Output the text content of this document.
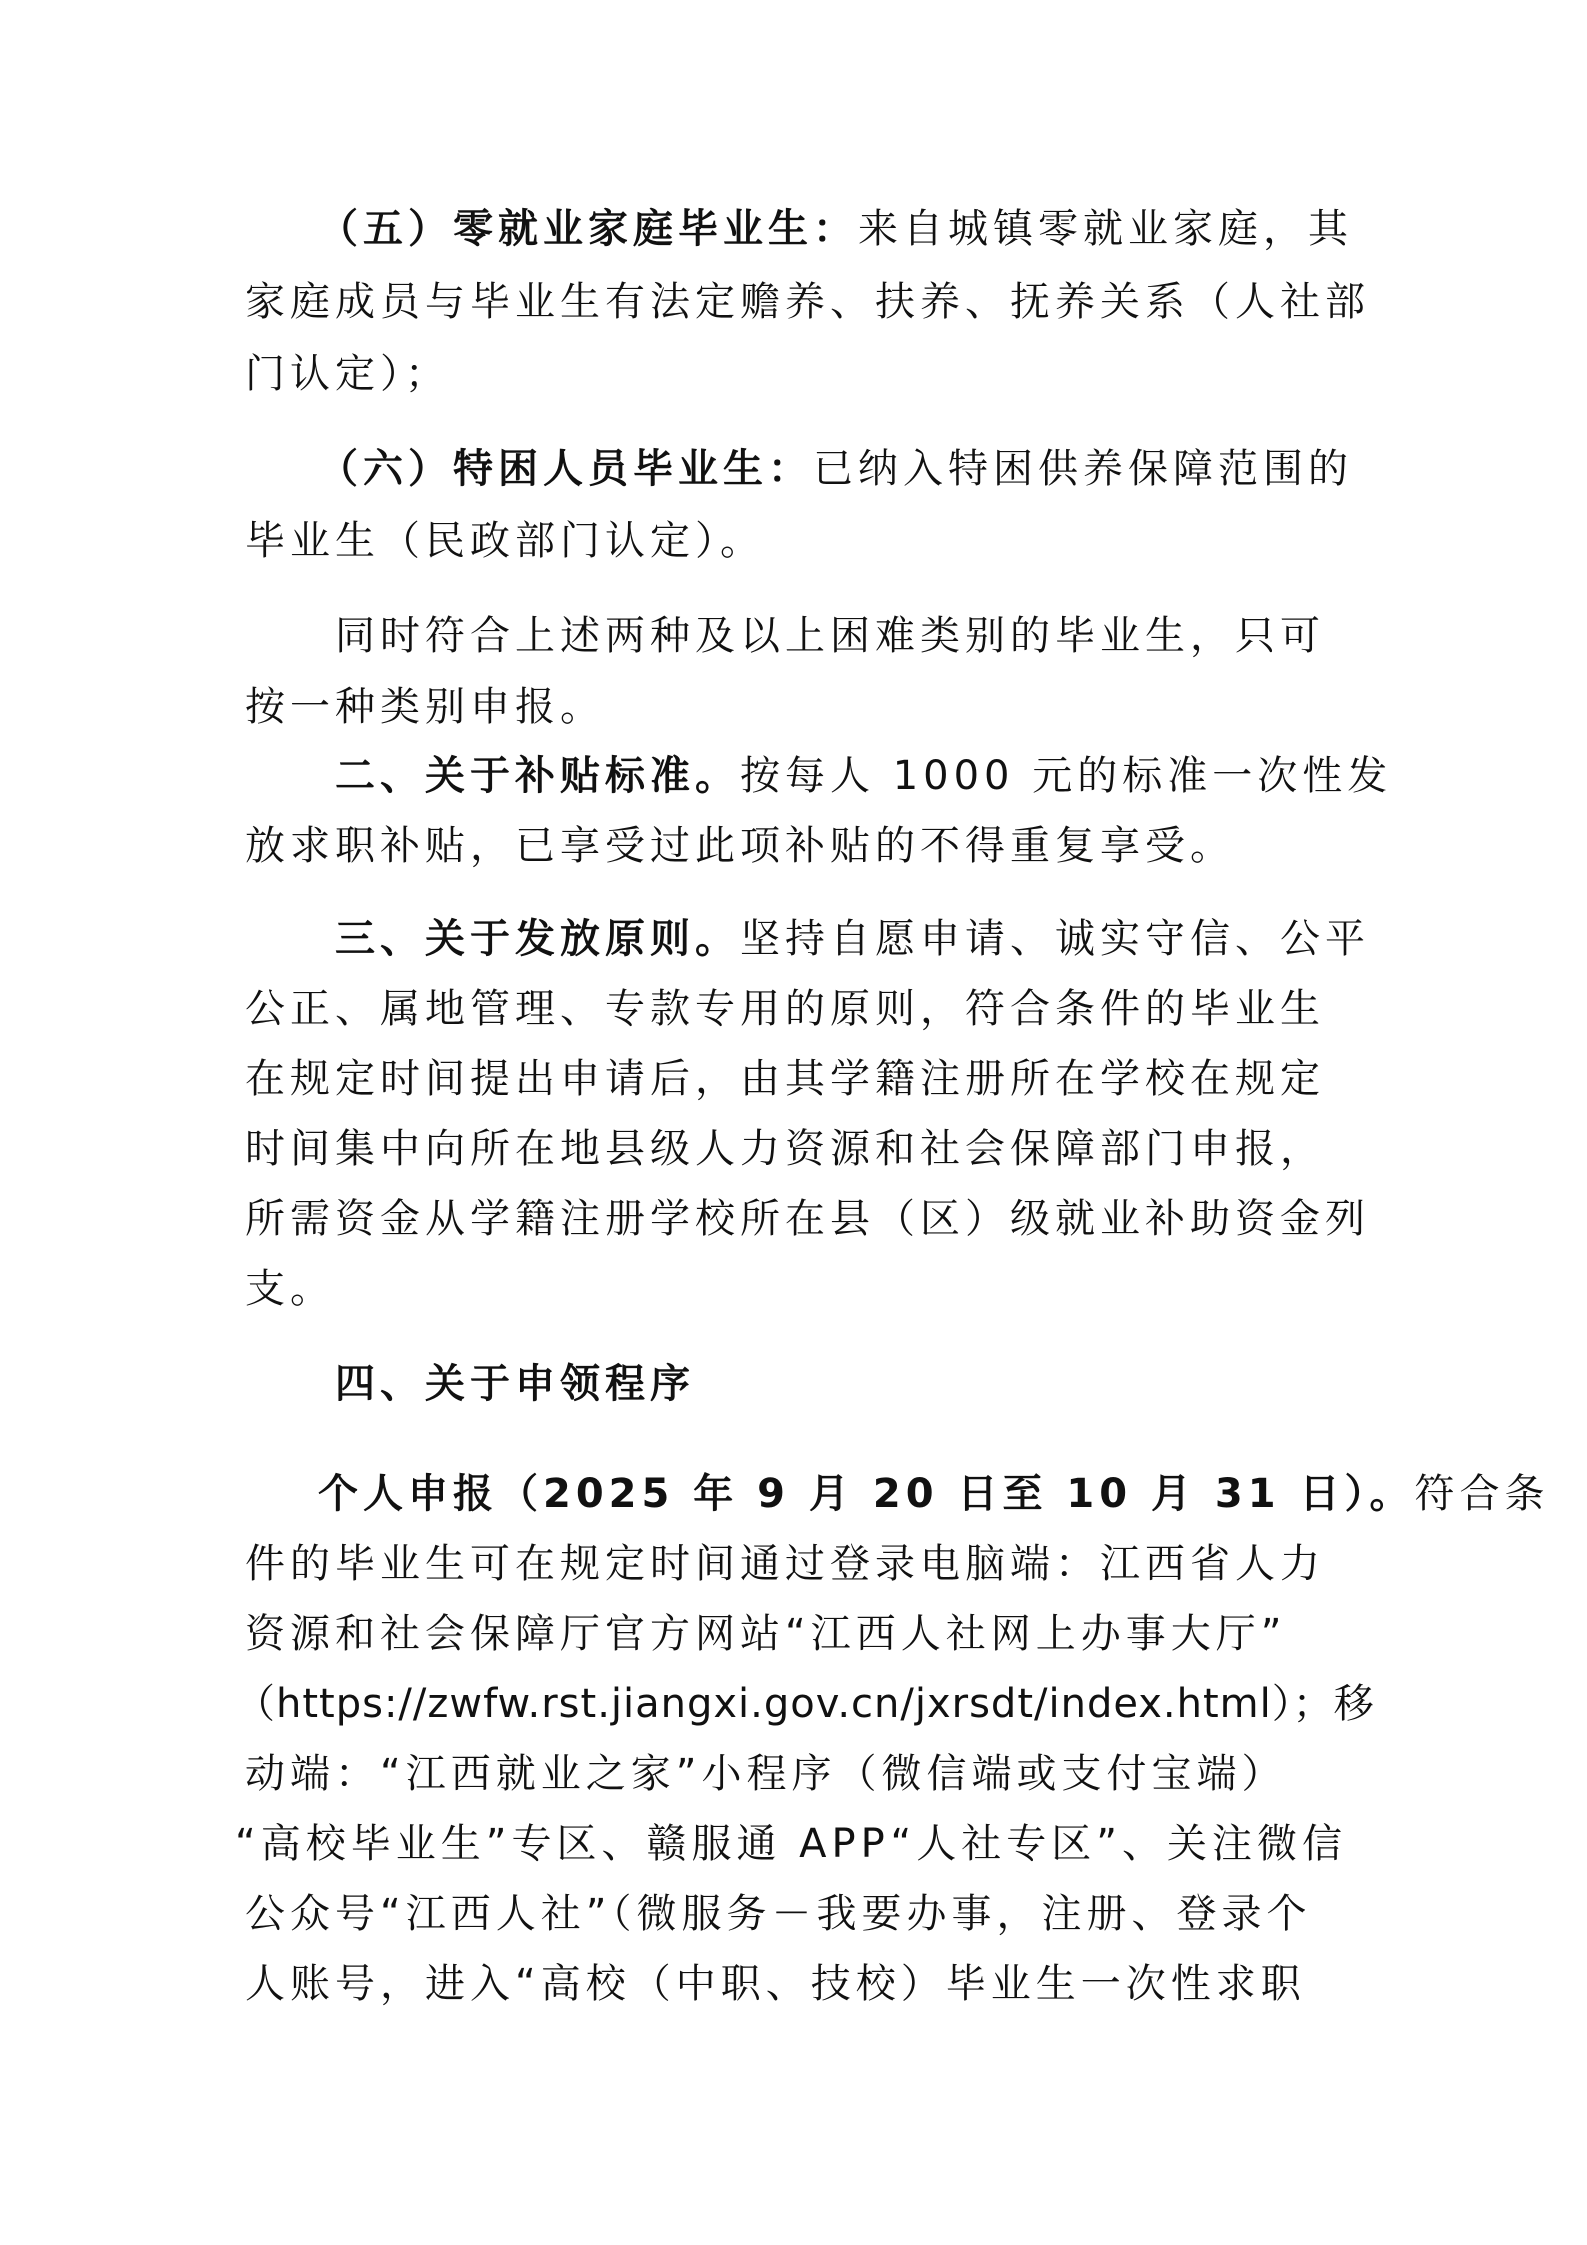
（五）零就业家庭毕业生：来自城镇零就业家庭，其
家庭成员与毕业生有法定赡养、扶养、抚养关系（人社部
门认定）；
（六）特困人员毕业生：已纳入特困供养保障范围的
毕业生（民政部门认定）。
同时符合上述两种及以上困难类别的毕业生，只可
按一种类别申报。
二、关于补贴标准。按每人 1000 元的标准一次性发
放求职补贴，已享受过此项补贴的不得重复享受。
三、关于发放原则。坚持自愿申请、诚实守信、公平
公正、属地管理、专款专用的原则，符合条件的毕业生
在规定时间提出申请后，由其学籍注册所在学校在规定
时间集中向所在地县级人力资源和社会保障部门申报，
所需资金从学籍注册学校所在县（区）级就业补助资金列
支。
四、关于申领程序
个人申报（2025 年 9 月 20 日至 10 月 31 日）。符合条
件的毕业生可在规定时间通过登录电脑端：江西省人力
资源和社会保障厅官方网站“江西人社网上办事大厅”
（https://zwfw.rst.jiangxi.gov.cn/jxrsdt/index.html）；移
动端：“江西就业之家”小程序（微信端或支付宝端）
“高校毕业生”专区、赣服通 APP“人社专区”、关注微信
公众号“江西人社”（微服务－我要办事，注册、登录个
人账号，进入“高校（中职、技校）毕业生一次性求职
